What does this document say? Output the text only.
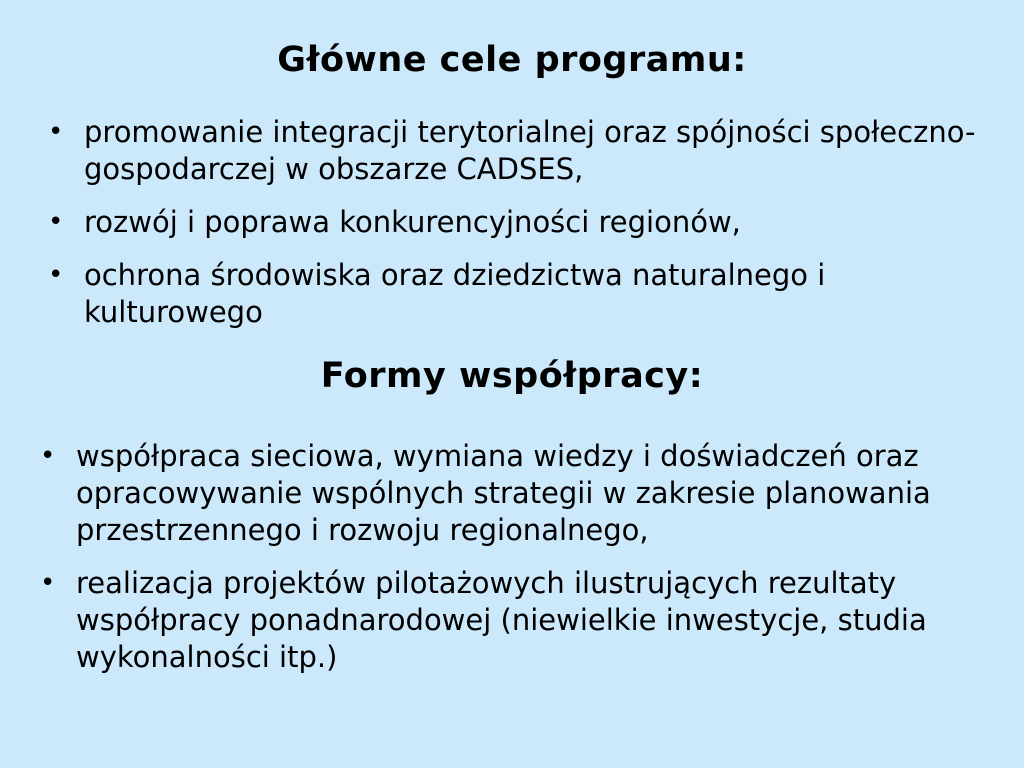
Główne cele programu:
• promowanie integracji terytorialnej oraz spójności społeczno-gospodarczej w obszarze CADSES,
• rozwój i poprawa konkurencyjności regionów,
• ochrona środowiska oraz dziedzictwa naturalnego i kulturowego
Formy współpracy:
• współpraca sieciowa, wymiana wiedzy i doświadczeń oraz opracowywanie wspólnych strategii w zakresie planowania przestrzennego i rozwoju regionalnego,
• realizacja projektów pilotażowych ilustrujących rezultaty współpracy ponadnarodowej (niewielkie inwestycje, studia wykonalności itp.)
